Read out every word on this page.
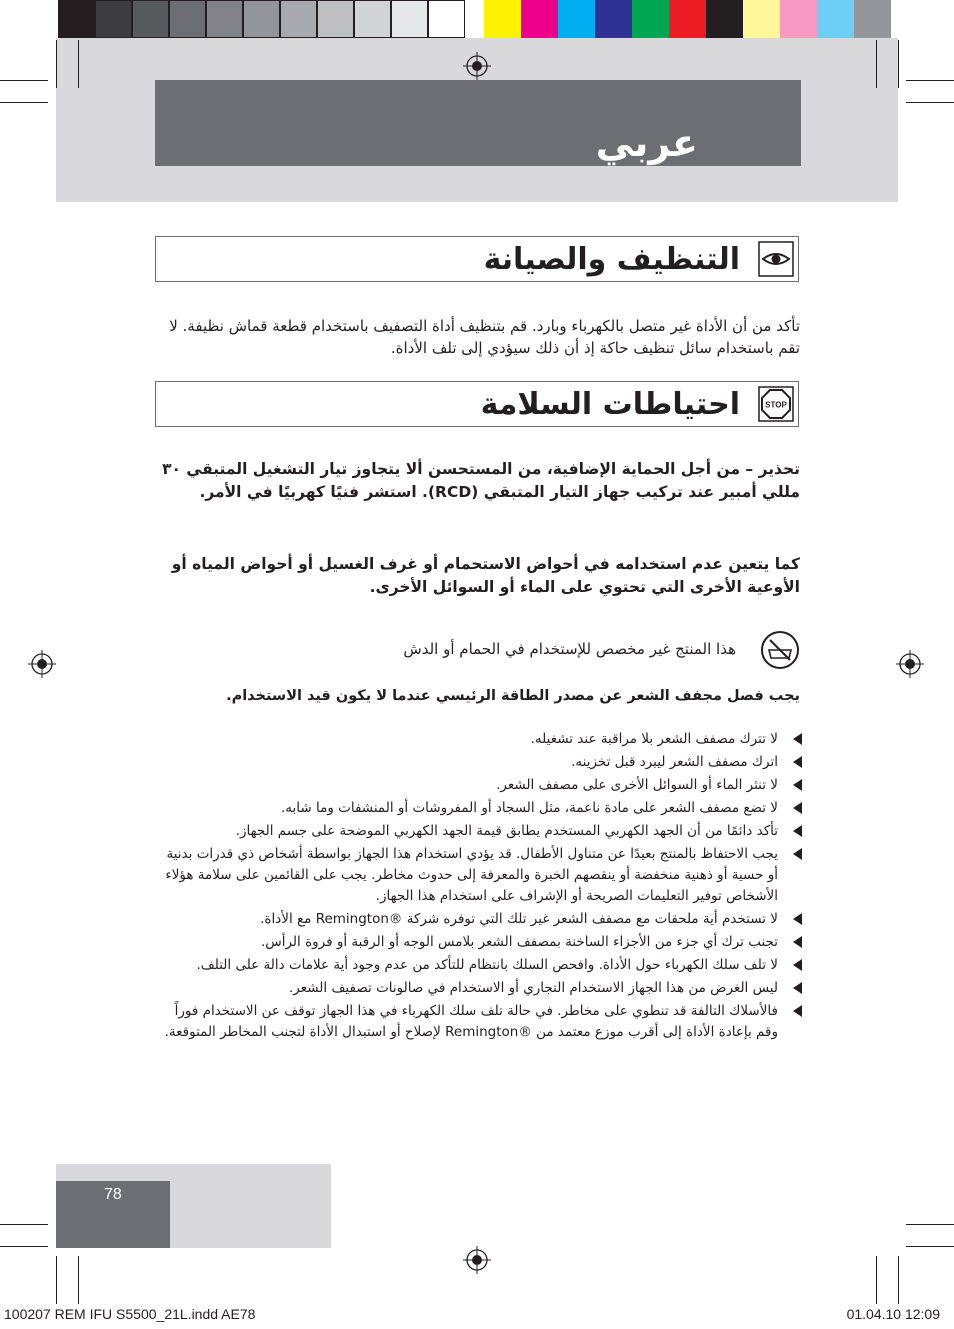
عربي
التنظيف والصيانة
تأكد من أن الأداة غير متصل بالكهرباء وبارد. قم بتنظيف أداة التصفيف باستخدام قطعة قماش نظيفة. لا تقم باستخدام سائل تنظيف حاكة إذ أن ذلك سيؤدي إلى تلف الأداة.
احتياطات السلامة	STOP
تحذير – من أجل الحماية الإضافية، من المستحسن ألا يتجاوز تيار التشغيل المتبقي ٣٠ مللي أمبير عند تركيب جهاز التيار المتبقي (RCD). استشر فنيًا كهربيًا في الأمر.
كما يتعين عدم استخدامه في أحواض الاستحمام أو غرف الغسيل أو أحواض المياه أو الأوعية الأخرى التي تحتوي على الماء أو السوائل الأخرى.
هذا المنتج غير مخصص للإستخدام في الحمام أو الدش
يجب فصل مجفف الشعر عن مصدر الطاقة الرئيسي عندما لا يكون قيد الاستخدام.
لا تترك مصفف الشعر بلا مراقبة عند تشغيله.
اترك مصفف الشعر ليبرد قبل تخزينه.
لا تنثر الماء أو السوائل الأخرى على مصفف الشعر.
لا تضع مصفف الشعر على مادة ناعمة، مثل السجاد أو المفروشات أو المنشفات وما شابه.
تأكد دائمًا من أن الجهد الكهربي المستخدم يطابق قيمة الجهد الكهربي الموضحة على جسم الجهاز.
يجب الاحتفاظ بالمنتج بعيدًا عن متناول الأطفال. قد يؤدي استخدام هذا الجهاز بواسطة أشخاص ذي قدرات بدنية أو حسية أو ذهنية منخفضة أو ينقصهم الخبرة والمعرفة إلى حدوث مخاطر. يجب على القائمين على سلامة هؤلاء الأشخاص توفير التعليمات الصريحة أو الإشراف على استخدام هذا الجهاز.
لا تستخدم أية ملحقات مع مصفف الشعر غير تلك التي توفره شركة ®Remington مع الأداة.
تجنب ترك أي جزء من الأجزاء الساخنة بمصفف الشعر بلامس الوجه أو الرقبة أو فروة الرأس.
لا تلف سلك الكهرباء حول الأداة. وافحص السلك بانتظام للتأكد من عدم وجود أية علامات دالة على التلف.
ليس الغرض من هذا الجهاز الاستخدام التجاري أو الاستخدام في صالونات تصفيف الشعر.
فالأسلاك التالفة قد تنطوي على مخاطر. في حالة تلف سلك الكهرباء في هذا الجهاز توقف عن الاستخدام فوراً وقم بإعادة الأداة إلى أقرب موزع معتمد من ®Remington لإصلاح أو استبدال الأداة لتجنب المخاطر المتوقعة.
78
100207 REM IFU S5500_21L.indd AE78	01.04.10 12:09
